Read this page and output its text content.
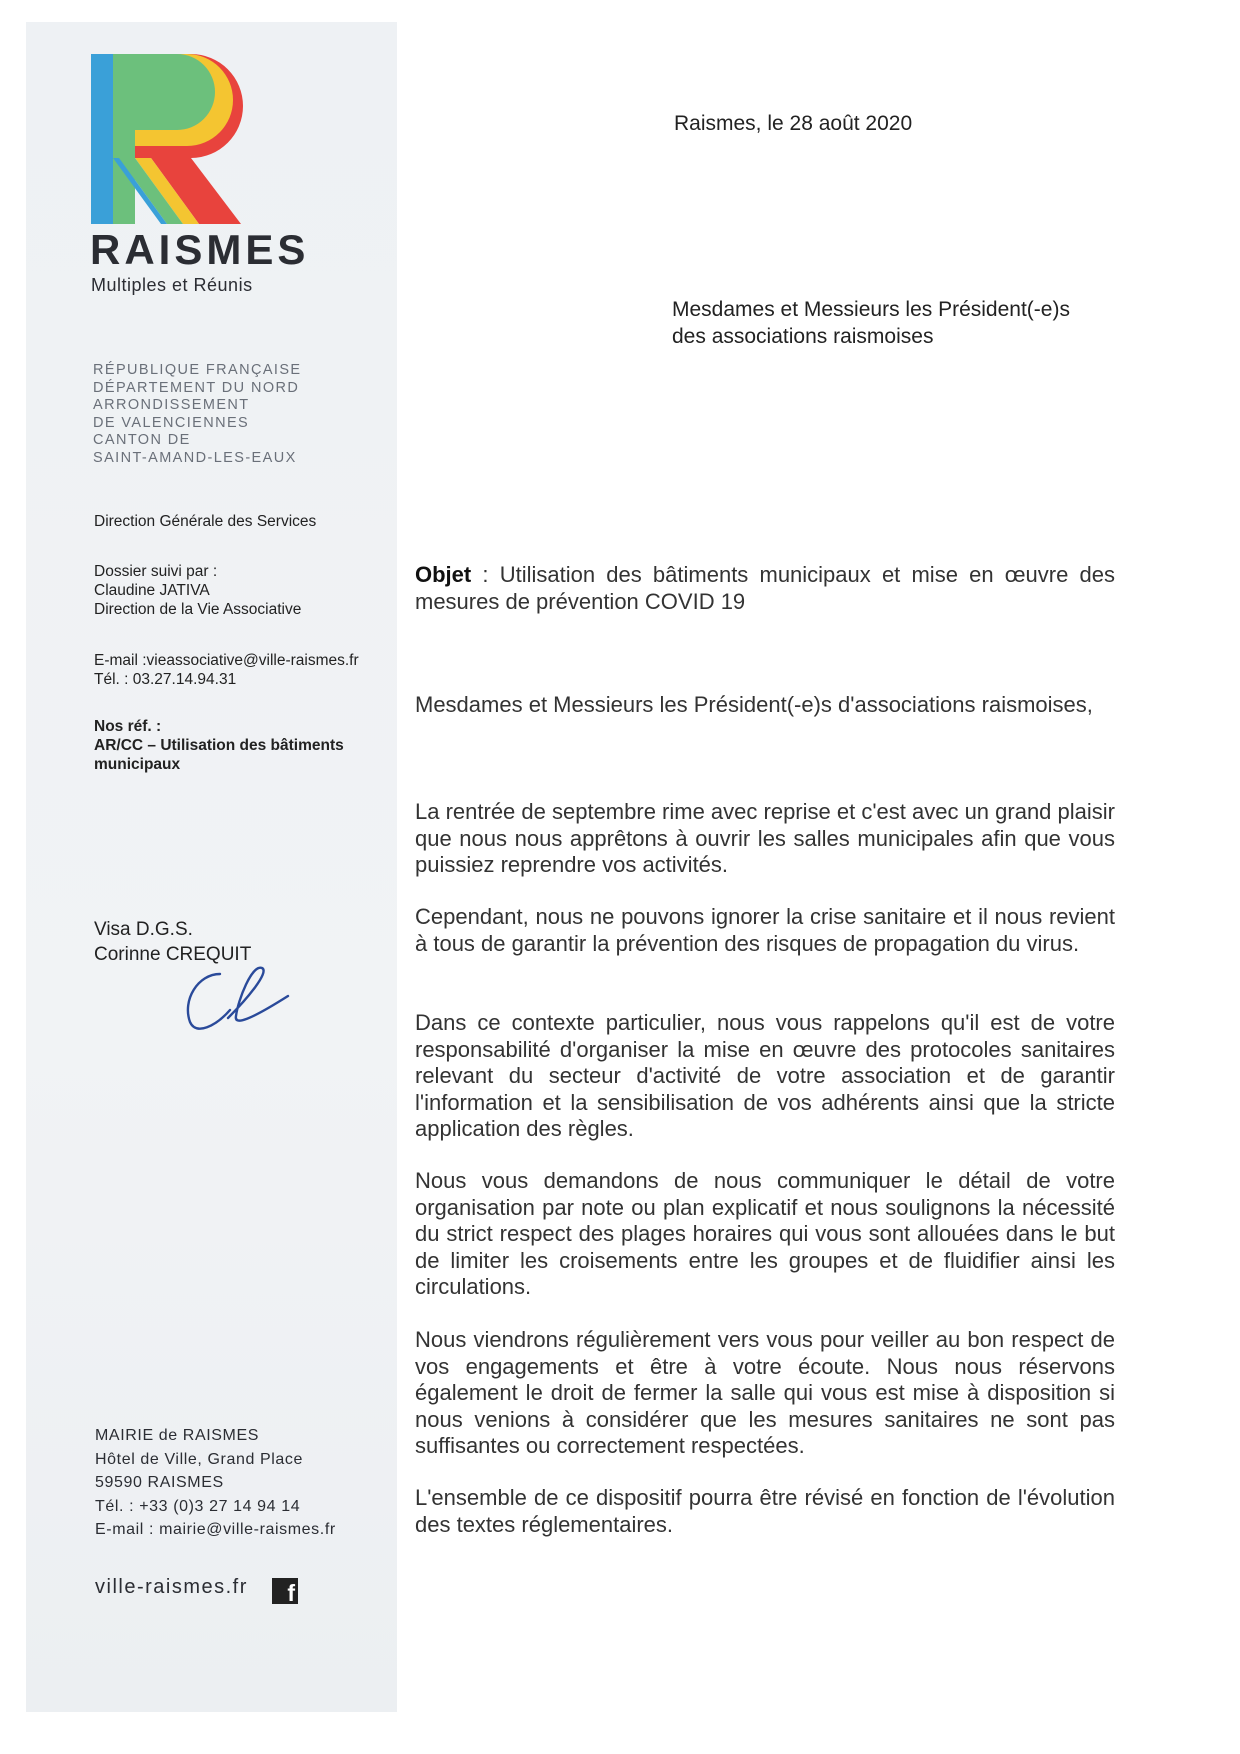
RAISMES
Multiples et Réunis
RÉPUBLIQUE FRANÇAISE
DÉPARTEMENT DU NORD
ARRONDISSEMENT
DE VALENCIENNES
CANTON DE
SAINT-AMAND-LES-EAUX
Direction Générale des Services
Dossier suivi par :
Claudine JATIVA
Direction de la Vie Associative
E-mail :vieassociative@ville-raismes.fr
Tél. : 03.27.14.94.31
Nos réf. :
AR/CC – Utilisation des bâtiments
municipaux
Visa D.G.S.
Corinne CREQUIT
MAIRIE de RAISMES
Hôtel de Ville, Grand Place
59590 RAISMES
Tél. : +33 (0)3 27 14 94 14
E-mail : mairie@ville-raismes.fr
ville-raismes.fr	f
Raismes, le 28 août 2020
Mesdames et Messieurs les Président(-e)s
des associations raismoises
Objet : Utilisation des bâtiments municipaux et mise en œuvre des mesures de prévention COVID 19

Mesdames et Messieurs les Président(-e)s d'associations raismoises,

La rentrée de septembre rime avec reprise et c'est avec un grand plaisir que nous nous apprêtons à ouvrir les salles municipales afin que vous puissiez reprendre vos activités.

Cependant, nous ne pouvons ignorer la crise sanitaire et il nous revient à tous de garantir la prévention des risques de propagation du virus.

Dans ce contexte particulier, nous vous rappelons qu'il est de votre responsabilité d'organiser la mise en œuvre des protocoles sanitaires relevant du secteur d'activité de votre association et de garantir l'information et la sensibilisation de vos adhérents ainsi que la stricte application des règles.

Nous vous demandons de nous communiquer le détail de votre organisation par note ou plan explicatif et nous soulignons la nécessité du strict respect des plages horaires qui vous sont allouées dans le but de limiter les croisements entre les groupes et de fluidifier ainsi les circulations.

Nous viendrons régulièrement vers vous pour veiller au bon respect de vos engagements et être à votre écoute. Nous nous réservons également le droit de fermer la salle qui vous est mise à disposition si nous venions à considérer que les mesures sanitaires ne sont pas suffisantes ou correctement respectées.

L'ensemble de ce dispositif pourra être révisé en fonction de l'évolution des textes réglementaires.
